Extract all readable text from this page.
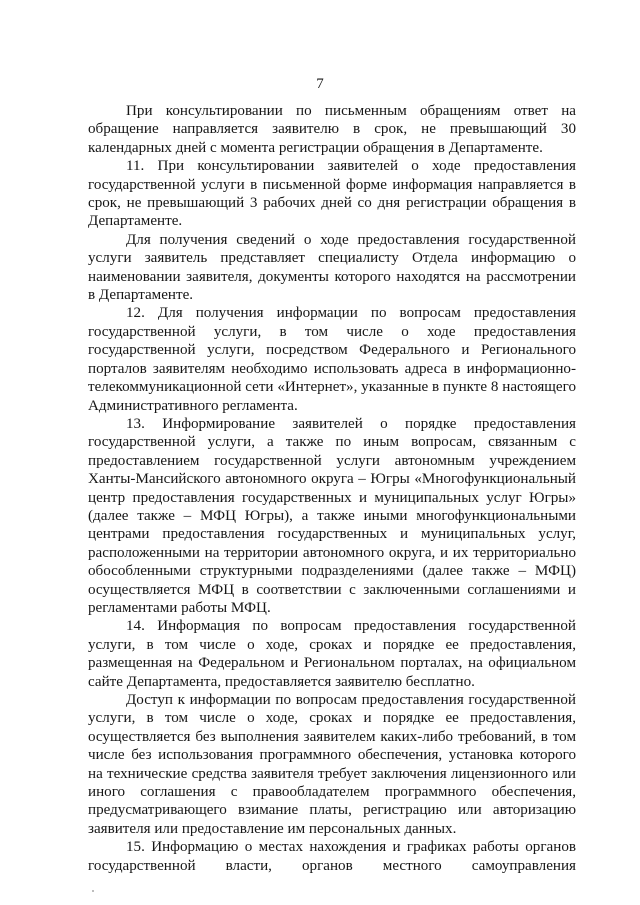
7

При консультировании по письменным обращениям ответ на обращение направляется заявителю в срок, не превышающий 30 календарных дней с момента регистрации обращения в Департаменте.

11. При консультировании заявителей о ходе предоставления государственной услуги в письменной форме информация направляется в срок, не превышающий 3 рабочих дней со дня регистрации обращения в Департаменте.

Для получения сведений о ходе предоставления государственной услуги заявитель представляет специалисту Отдела информацию о наименовании заявителя, документы которого находятся на рассмотрении в Департаменте.

12. Для получения информации по вопросам предоставления государственной услуги, в том числе о ходе предоставления государственной услуги, посредством Федерального и Регионального порталов заявителям необходимо использовать адреса в информационно-телекоммуникационной сети «Интернет», указанные в пункте 8 настоящего Административного регламента.

13. Информирование заявителей о порядке предоставления государственной услуги, а также по иным вопросам, связанным с предоставлением государственной услуги автономным учреждением Ханты-Мансийского автономного округа – Югры «Многофункциональный центр предоставления государственных и муниципальных услуг Югры» (далее также – МФЦ Югры), а также иными многофункциональными центрами предоставления государственных и муниципальных услуг, расположенными на территории автономного округа, и их территориально обособленными структурными подразделениями (далее также – МФЦ) осуществляется МФЦ в соответствии с заключенными соглашениями и регламентами работы МФЦ.

14. Информация по вопросам предоставления государственной услуги, в том числе о ходе, сроках и порядке ее предоставления, размещенная на Федеральном и Региональном порталах, на официальном сайте Департамента, предоставляется заявителю бесплатно.

Доступ к информации по вопросам предоставления государственной услуги, в том числе о ходе, сроках и порядке ее предоставления, осуществляется без выполнения заявителем каких-либо требований, в том числе без использования программного обеспечения, установка которого на технические средства заявителя требует заключения лицензионного или иного соглашения с правообладателем программного обеспечения, предусматривающего взимание платы, регистрацию или авторизацию заявителя или предоставление им персональных данных.

15. Информацию о местах нахождения и графиках работы органов государственной власти, органов местного самоуправления
